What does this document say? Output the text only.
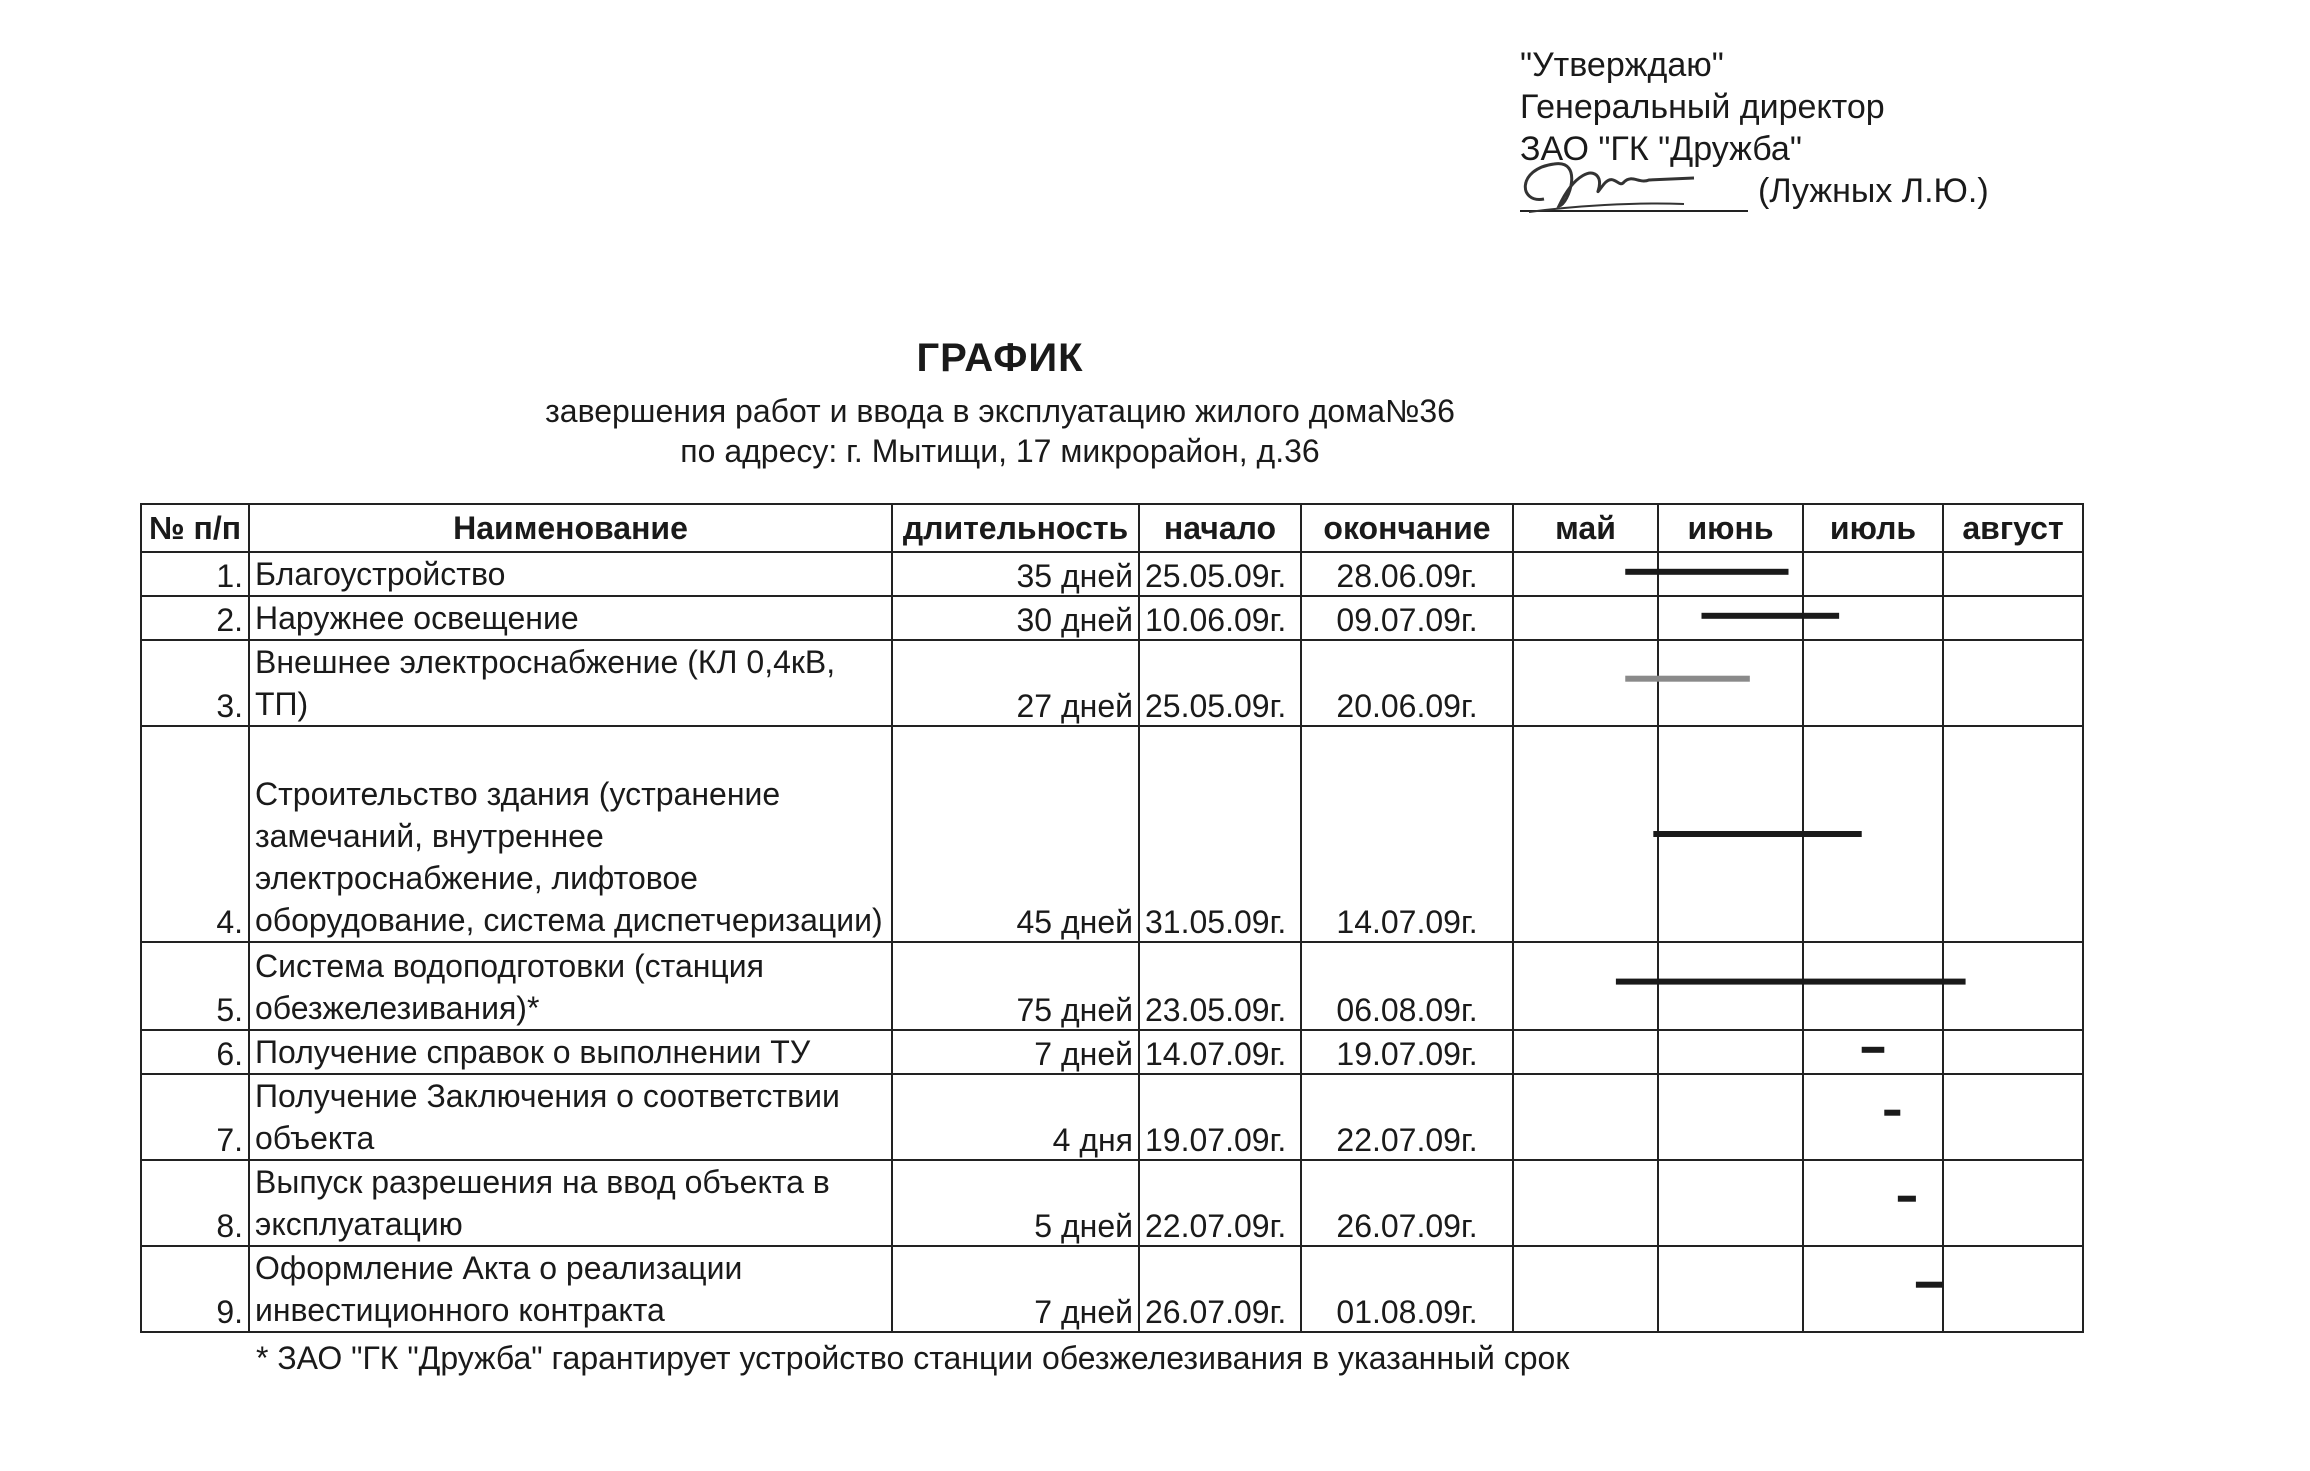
"Утверждаю"
Генеральный директор
ЗАО "ГК "Дружба"
(Лужных Л.Ю.)
ГРАФИК
завершения работ и ввода в эксплуатацию жилого дома№36
по адресу: г. Мытищи, 17 микрорайон, д.36
№ п/п	Наименование	длительность	начало	окончание	май	июнь	июль	август
1.	Благоустройство	35 дней	25.05.09г.	28.06.09г.				
2.	Наружнее освещение	30 дней	10.06.09г.	09.07.09г.				
3.	Внешнее электроснабжение (КЛ 0,4кВ, ТП)	27 дней	25.05.09г.	20.06.09г.				
4.	Строительство здания (устранение замечаний, внутреннее электроснабжение, лифтовое оборудование, система диспетчеризации)	45 дней	31.05.09г.	14.07.09г.				
5.	Система водоподготовки (станция обезжелезивания)*	75 дней	23.05.09г.	06.08.09г.				
6.	Получение справок о выполнении ТУ	7 дней	14.07.09г.	19.07.09г.				
7.	Получение Заключения о соответствии объекта	4 дня	19.07.09г.	22.07.09г.				
8.	Выпуск разрешения на ввод объекта в эксплуатацию	5 дней	22.07.09г.	26.07.09г.				
9.	Оформление Акта о реализации инвестиционного контракта	7 дней	26.07.09г.	01.08.09г.				
* ЗАО "ГК "Дружба" гарантирует устройство станции обезжелезивания в указанный срок
